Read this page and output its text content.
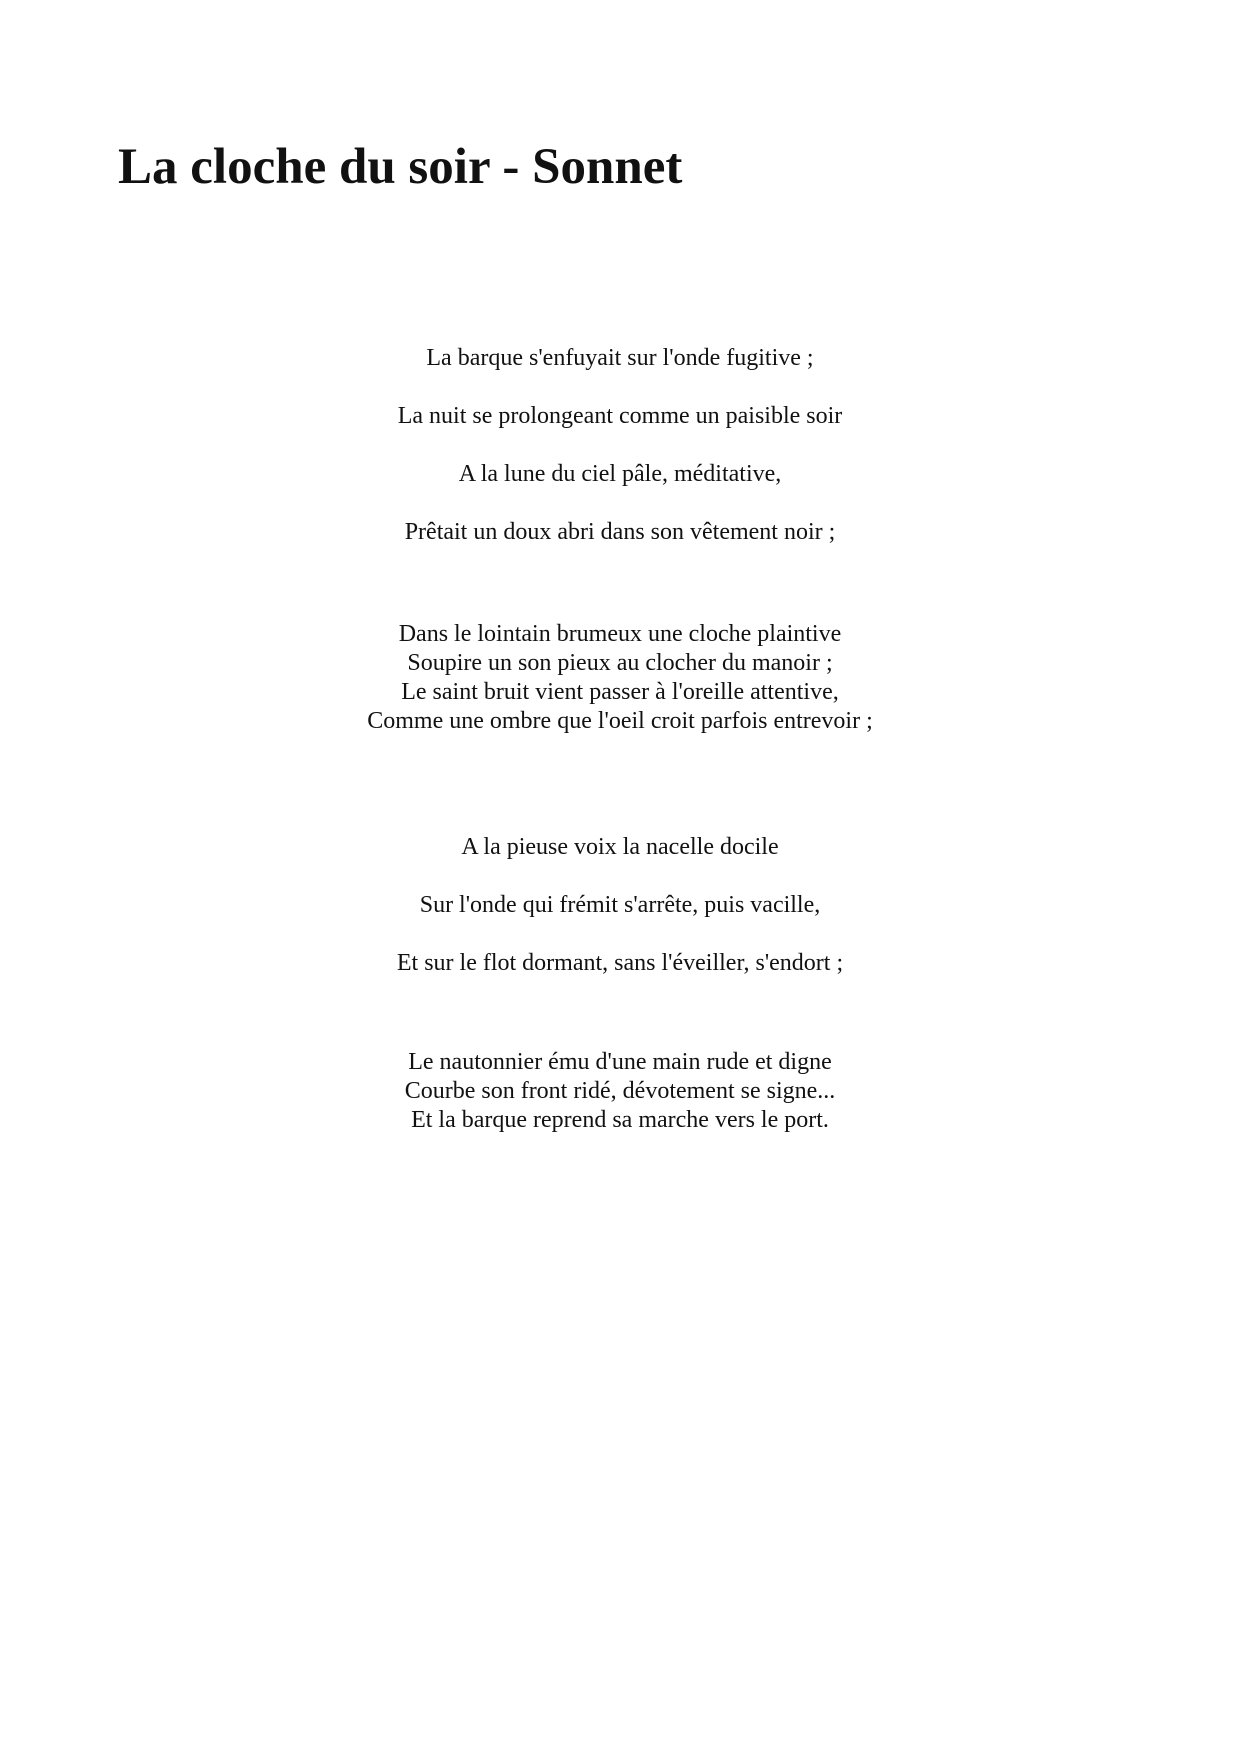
La cloche du soir - Sonnet
La barque s'enfuyait sur l'onde fugitive ;
La nuit se prolongeant comme un paisible soir
A la lune du ciel pâle, méditative,
Prêtait un doux abri dans son vêtement noir ;
Dans le lointain brumeux une cloche plaintive
Soupire un son pieux au clocher du manoir ;
Le saint bruit vient passer à l'oreille attentive,
Comme une ombre que l'oeil croit parfois entrevoir ;
A la pieuse voix la nacelle docile
Sur l'onde qui frémit s'arrête, puis vacille,
Et sur le flot dormant, sans l'éveiller, s'endort ;
Le nautonnier ému d'une main rude et digne
Courbe son front ridé, dévotement se signe...
Et la barque reprend sa marche vers le port.
